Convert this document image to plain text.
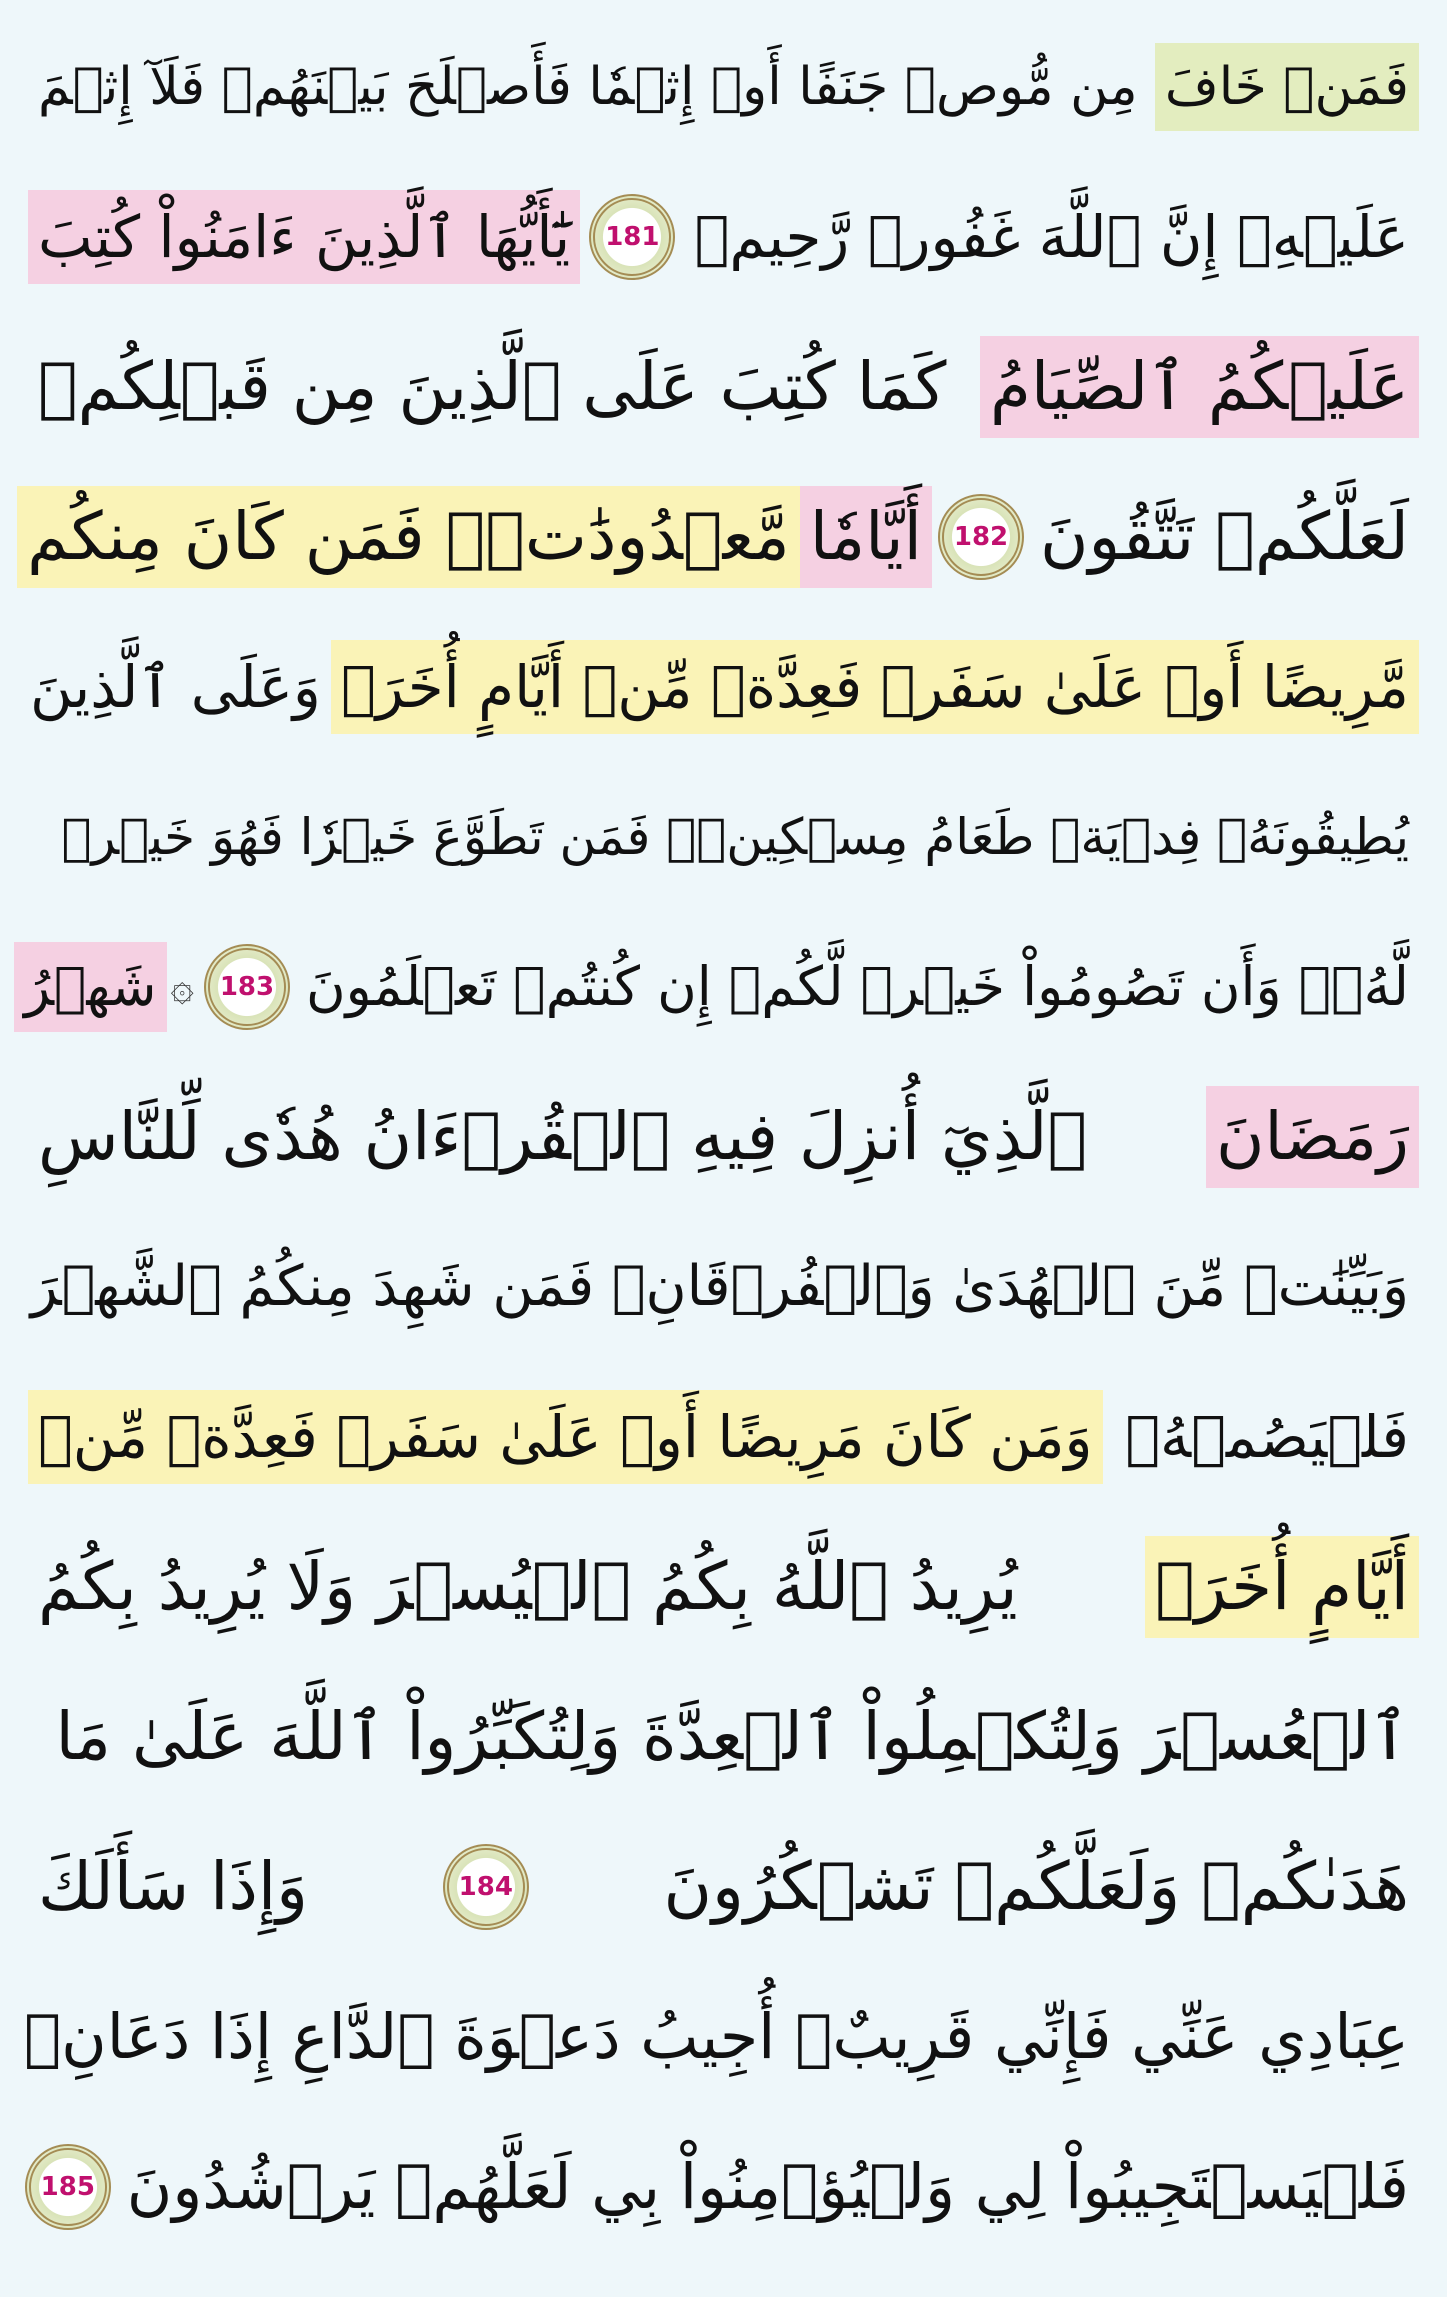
فَمَنۡ خَافَ
مِن مُّوصٖ جَنَفًا أَوۡ إِثۡمٗا فَأَصۡلَحَ بَيۡنَهُمۡ فَلَآ إِثۡمَ
عَلَيۡهِۚ إِنَّ ٱللَّهَ غَفُورٞ رَّحِيمٞ
181
يَٰٓأَيُّهَا ٱلَّذِينَ ءَامَنُواْ كُتِبَ
عَلَيۡكُمُ ٱلصِّيَامُ
كَمَا كُتِبَ عَلَى ٱلَّذِينَ مِن قَبۡلِكُمۡ
لَعَلَّكُمۡ تَتَّقُونَ
182
أَيَّامٗا
مَّعۡدُودَٰتٖۚ فَمَن كَانَ مِنكُم
مَّرِيضًا أَوۡ عَلَىٰ سَفَرٖ فَعِدَّةٞ مِّنۡ أَيَّامٍ أُخَرَۚ
وَعَلَى ٱلَّذِينَ
يُطِيقُونَهُۥ فِدۡيَةٞ طَعَامُ مِسۡكِينٖۖ فَمَن تَطَوَّعَ خَيۡرٗا فَهُوَ خَيۡرٞ
لَّهُۥۚ وَأَن تَصُومُواْ خَيۡرٞ لَّكُمۡ إِن كُنتُمۡ تَعۡلَمُونَ
183
۞
شَهۡرُ
رَمَضَانَ
ٱلَّذِيٓ أُنزِلَ فِيهِ ٱلۡقُرۡءَانُ هُدٗى لِّلنَّاسِ
وَبَيِّنَٰتٖ مِّنَ ٱلۡهُدَىٰ وَٱلۡفُرۡقَانِۚ فَمَن شَهِدَ مِنكُمُ ٱلشَّهۡرَ
فَلۡيَصُمۡهُۖ
وَمَن كَانَ مَرِيضًا أَوۡ عَلَىٰ سَفَرٖ فَعِدَّةٞ مِّنۡ
أَيَّامٍ أُخَرَۗ
يُرِيدُ ٱللَّهُ بِكُمُ ٱلۡيُسۡرَ وَلَا يُرِيدُ بِكُمُ
ٱلۡعُسۡرَ وَلِتُكۡمِلُواْ ٱلۡعِدَّةَ وَلِتُكَبِّرُواْ ٱللَّهَ عَلَىٰ مَا
هَدَىٰكُمۡ وَلَعَلَّكُمۡ تَشۡكُرُونَ
184
وَإِذَا سَأَلَكَ
عِبَادِي عَنِّي فَإِنِّي قَرِيبٌۖ أُجِيبُ دَعۡوَةَ ٱلدَّاعِ إِذَا دَعَانِۖ
فَلۡيَسۡتَجِيبُواْ لِي وَلۡيُؤۡمِنُواْ بِي لَعَلَّهُمۡ يَرۡشُدُونَ
185
